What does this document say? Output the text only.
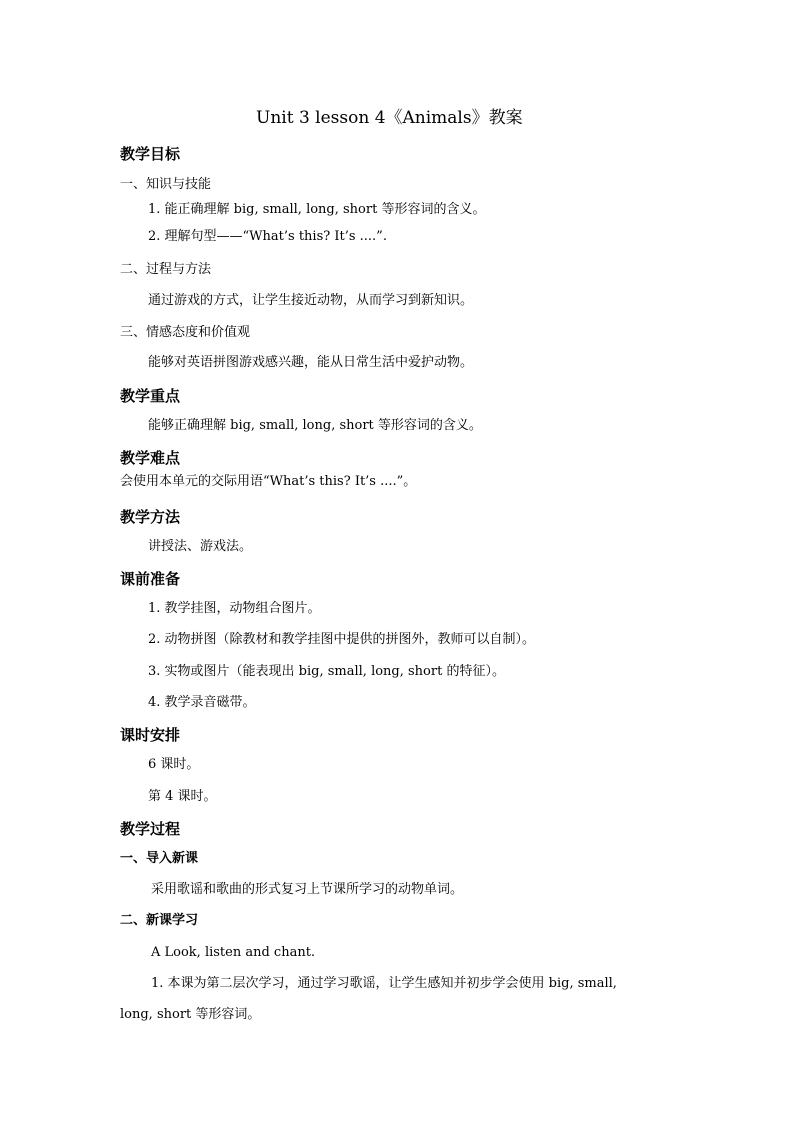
Unit 3 lesson 4《Animals》教案
教学目标
一、知识与技能
1. 能正确理解 big, small, long, short 等形容词的含义。
2. 理解句型——“What’s this? It’s ....”.
二、过程与方法
通过游戏的方式，让学生接近动物，从而学习到新知识。
三、情感态度和价值观
能够对英语拼图游戏感兴趣，能从日常生活中爱护动物。
教学重点
能够正确理解 big, small, long, short 等形容词的含义。
教学难点
会使用本单元的交际用语“What’s this? It’s ....”。
教学方法
讲授法、游戏法。
课前准备
1. 教学挂图，动物组合图片。
2. 动物拼图（除教材和教学挂图中提供的拼图外，教师可以自制）。
3. 实物或图片（能表现出 big, small, long, short 的特征）。
4. 教学录音磁带。
课时安排
6 课时。
第 4 课时。
教学过程
一、导入新课
采用歌谣和歌曲的形式复习上节课所学习的动物单词。
二、新课学习
A Look, listen and chant.
1. 本课为第二层次学习，通过学习歌谣，让学生感知并初步学会使用 big, small,
long, short 等形容词。
